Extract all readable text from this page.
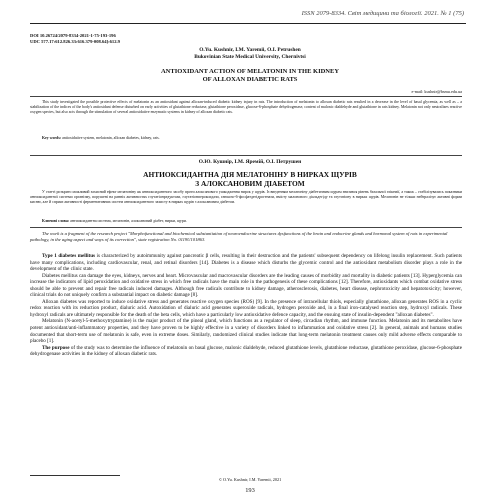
ISSN 2079-8334. Світ медицини та біології. 2021. № 1 (75)
DOI 10.26724/2079-8334-2021-1-75-193-196
UDC 577.17:612.826.33:616.379-008.64]:612.9
O.Yu. Kushnir, I.M. Yaremii, O.I. Petrushen
Bukovinian State Medical University, Chernivtsi
ANTIOXIDANT ACTION OF MELATONIN IN THE KIDNEY
OF ALLOXAN DIABETIC RATS
e-mail: kushnir@bsmu.edu.ua
This study investigated the possible protective effects of melatonin as an antioxidant against alloxan-induced diabetic kidney injury in rats. The introduction of melatonin to alloxan diabetic rats resulted in a decrease in the level of basal glycemia, as well as – a stabilization of the indices of the body's antioxidant defense disturbed on early activities of glutathione reductase, glutathione peroxidase, glucose-6-phosphate dehydrogenase, content of malonic dialdehyde and glutathione in rats kidney. Melatonin not only neutralizes reactive oxygen species, but also acts through the stimulation of several antioxidative enzymatic systems in kidney of alloxan diabetic rats.
Key words: antioxidative system, melatonin, alloxan diabetes, kidney, rats.
О.Ю. Кушнір, І.М. Яремій, О.І. Петрушен
АНТИОКСИДАНТНА ДІЯ МЕЛАТОНІНУ В НИРКАХ ЩУРІВ
З АЛОКСАНОВИМ ДІАБЕТОМ
У статті розкрито можливий захисний ефект мелатоніну як антиоксидантного засобу проти алоксанового ушкодження нирок у щурів. Із введенням мелатоніну діабетичним щурам знизився рівень базальної глікемії, а також – стабілізувались показники антиоксидантної системи організму, порушені на ранніх активностях глутатіонредуктази, глутатіонпероксидази, глюкозо-6-фосфатдегідрогенази, вмісту малонового діальдегіду та глутатіону в нирках щурів. Мелатонін не тільки нейтралізує активні форми кисню, але й сприяє активності ферментативних систем антиоксидантного захисту в нирках щурів з алоксановим діабетом.
Ключові слова: антиоксидантна система, мелатонін, алоксановий діабет, нирки, щури.
The work is a fragment of the research project "Morphofunctional and biochemical substantiation of neuroendocrine structures dysfunctions of the brain and endocrine glands and hormonal system of rats in experimental pathology, in the aging aspect and ways of its correction", state registration No. 0119U101863.

Type 1 diabetes mellitus is characterized by autoimmunity against pancreatic β cells, resulting in their destruction and the patients' subsequent dependency on lifelong insulin replacement. Such patients have many complications, including cardiovascular, renal, and retinal disorders [14]. Diabetes is a disease which disturbs the glycemic control and the antioxidant metabolism disorder plays a role in the development of the clinic state.

Diabetes mellitus can damage the eyes, kidneys, nerves and heart. Microvascular and macrovascular disorders are the leading causes of morbidity and mortality in diabetic patients [13]. Hyperglycemia can increase the indicators of lipid peroxidation and oxidative stress in which free radicals have the main role in the pathogenesis of these complications [12]. Therefore, antioxidants which combat oxidative stress should be able to prevent and repair free radicals induced damages. Although free radicals contribute to kidney damage, atherosclerosis, diabetes, heart disease, nephrotoxicity and hepatotoxicity; however, clinical trials do not uniquely confirm a substantial impact on diabetic damage [8].

Alloxan diabetes was reported to induce oxidative stress and generates reactive oxygen species (ROS) [9]. In the presence of intracellular thiols, especially glutathione, alloxan generates ROS in a cyclic redox reaction with its reduction product, dialuric acid. Autoxidation of dialuric acid generates superoxide radicals, hydrogen peroxide and, in a final iron-catalysed reaction step, hydroxyl radicals. These hydroxyl radicals are ultimately responsible for the death of the beta cells, which have a particularly low antioxidative defence capacity, and the ensuing state of insulin-dependent "alloxan diabetes".

Melatonin (N-acetyl-5-methoxytryptamine) is the major product of the pineal gland, which functions as a regulator of sleep, circadian rhythm, and immune function. Melatonin and its metabolites have potent antioxidant/anti-inflammatory properties, and they have proven to be highly effective in a variety of disorders linked to inflammation and oxidative stress [2]. In general, animals and humans studies documented that short-term use of melatonin is safe, even in extreme doses. Similarly, randomized clinical studies indicate that long-term melatonin treatment causes only mild adverse effects comparable to placebo [1].

The purpose of the study was to determine the influence of melatonin on basal glucose, malonic dialdehyde, reduced glutathione levels, glutathione reductase, glutathione peroxidase, glucose-6-phosphate dehydrogenase activities in the kidney of alloxan diabetic rats.

© O.Yu. Kushnir, I.M. Yaremii, 2021
193
